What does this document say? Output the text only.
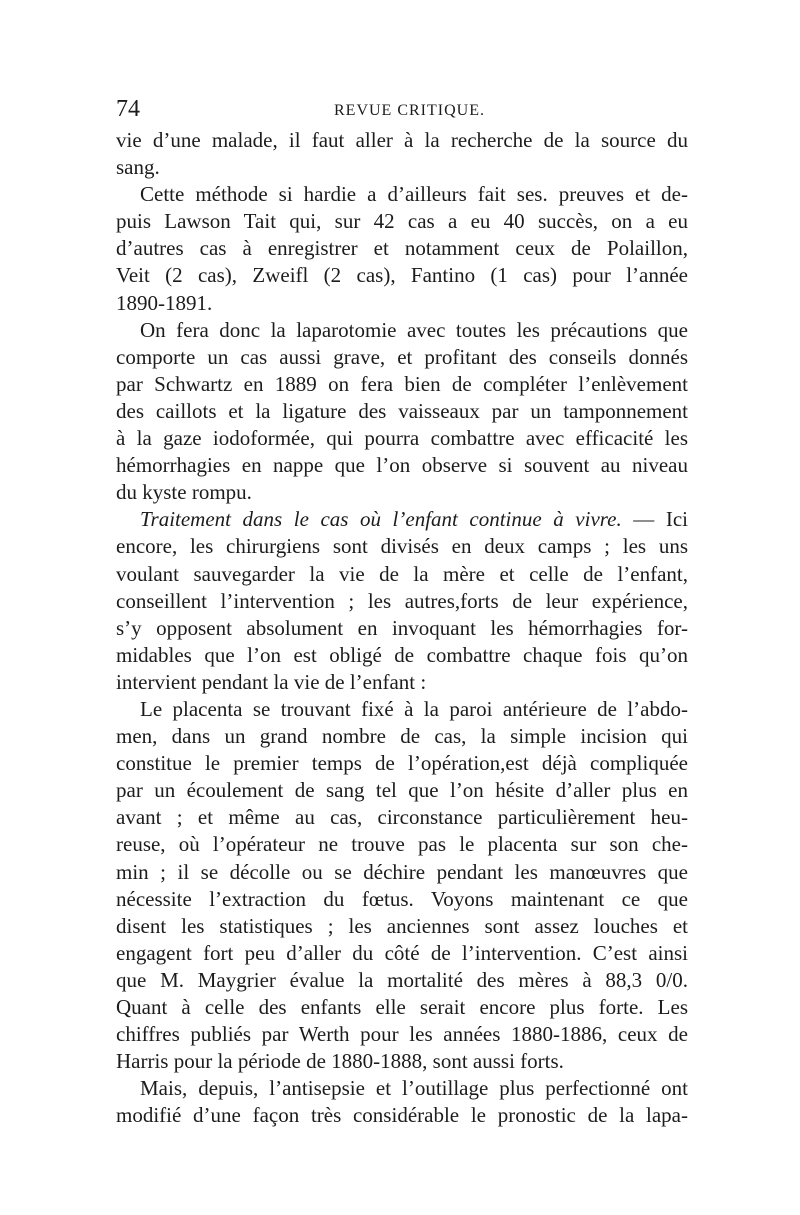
74	REVUE CRITIQUE.
vie d’une malade, il faut aller à la recherche de la source du
sang.
Cette méthode si hardie a d’ailleurs fait ses. preuves et de-
puis Lawson Tait qui, sur 42 cas a eu 40 succès, on a eu
d’autres cas à enregistrer et notamment ceux de Polaillon,
Veit (2 cas), Zweifl (2 cas), Fantino (1 cas) pour l’année
1890-1891.
On fera donc la laparotomie avec toutes les précautions que
comporte un cas aussi grave, et profitant des conseils donnés
par Schwartz en 1889 on fera bien de compléter l’enlèvement
des caillots et la ligature des vaisseaux par un tamponnement
à la gaze iodoformée, qui pourra combattre avec efficacité les
hémorrhagies en nappe que l’on observe si souvent au niveau
du kyste rompu.
Traitement dans le cas où l’enfant continue à vivre. — Ici
encore, les chirurgiens sont divisés en deux camps ; les uns
voulant sauvegarder la vie de la mère et celle de l’enfant,
conseillent l’intervention ; les autres,forts de leur expérience,
s’y opposent absolument en invoquant les hémorrhagies for-
midables que l’on est obligé de combattre chaque fois qu’on
intervient pendant la vie de l’enfant :
Le placenta se trouvant fixé à la paroi antérieure de l’abdo-
men, dans un grand nombre de cas, la simple incision qui
constitue le premier temps de l’opération,est déjà compliquée
par un écoulement de sang tel que l’on hésite d’aller plus en
avant ; et même au cas, circonstance particulièrement heu-
reuse, où l’opérateur ne trouve pas le placenta sur son che-
min ; il se décolle ou se déchire pendant les manœuvres que
nécessite l’extraction du fœtus. Voyons maintenant ce que
disent les statistiques ; les anciennes sont assez louches et
engagent fort peu d’aller du côté de l’intervention. C’est ainsi
que M. Maygrier évalue la mortalité des mères à 88,3 0/0.
Quant à celle des enfants elle serait encore plus forte. Les
chiffres publiés par Werth pour les années 1880-1886, ceux de
Harris pour la période de 1880-1888, sont aussi forts.
Mais, depuis, l’antisepsie et l’outillage plus perfectionné ont
modifié d’une façon très considérable le pronostic de la lapa-
